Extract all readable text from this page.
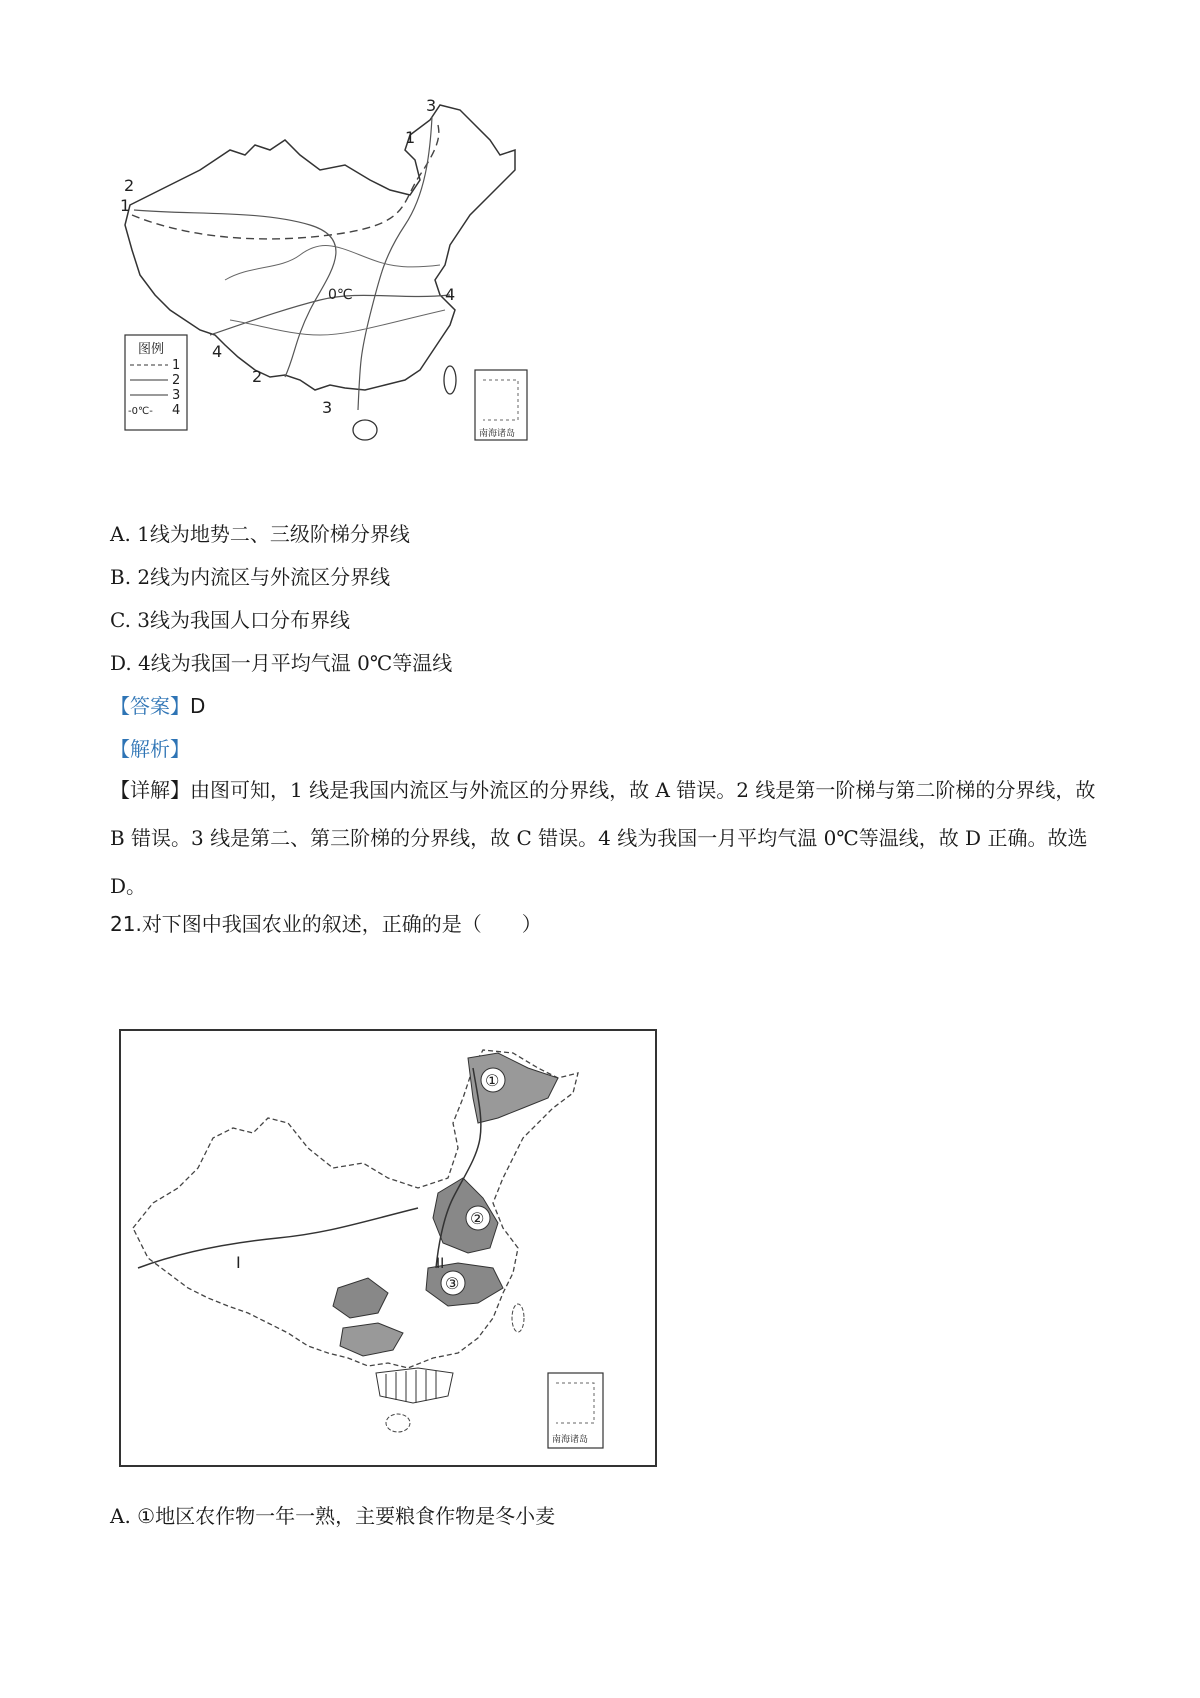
3
1
2
1
4
4
2
3
0℃
图例
1
2
3
-0℃- 4
南海诸岛
A. 1线为地势二、三级阶梯分界线
B. 2线为内流区与外流区分界线
C. 3线为我国人口分布界线
D. 4线为我国一月平均气温 0℃等温线
【答案】D
【解析】
【详解】由图可知，1 线是我国内流区与外流区的分界线，故 A 错误。2 线是第一阶梯与第二阶梯的分界线，故 B 错误。3 线是第二、第三阶梯的分界线，故 C 错误。4 线为我国一月平均气温 0℃等温线，故 D 正确。故选 D。
21.对下图中我国农业的叙述，正确的是（　　）
①
②
③
I	II
南海诸岛
A. ①地区农作物一年一熟，主要粮食作物是冬小麦
